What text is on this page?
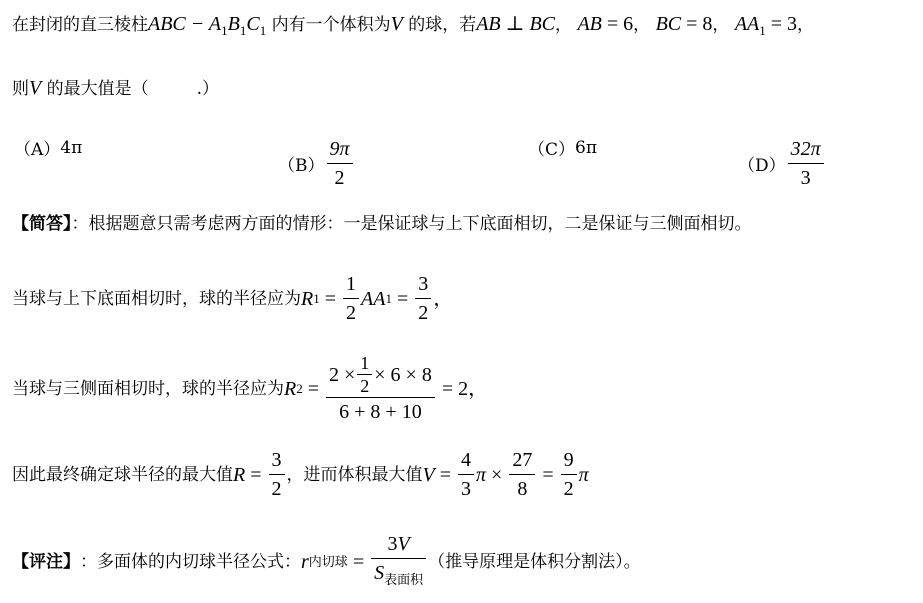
在封闭的直三棱柱ABC − $A_1B_1C_1$ 内有一个体积为V 的球，若AB ⊥ BC， AB = 6， BC = 8， $AA_1 = 3$，
则V 的最大值是（	.）
（A） 4π
$(B) \frac{9\pi}{2}$	（C） 6π
$(D) \frac{32\pi}{3}$
【简答】：根据题意只需考虑两方面的情形：一是保证球与上下底面相切，二是保证与三侧面相切。
当球与上下底面相切时，球的半径应为 R $1 = \frac{1}{2}$ AA $1 = \frac{3}{2}$ ，
当球与三侧面相切时，球的半径应为 R $2 = \frac{2 \times \frac{1}{2} \times 6 \times 8}{6 + 8 + 10} = 2$，
因此最终确定球半径的最大值 $R = \frac{3}{2}$ ，进而体积最大值 $V = \frac{4}{3}$ $\pi \times \frac{27}{8} = \frac{9}{2}$ π
【评注】 ：多面体的内切球半径公式： r 内切球 = $\frac{3V}{S_{表面积}}$ （推导原理是体积分割法）。
